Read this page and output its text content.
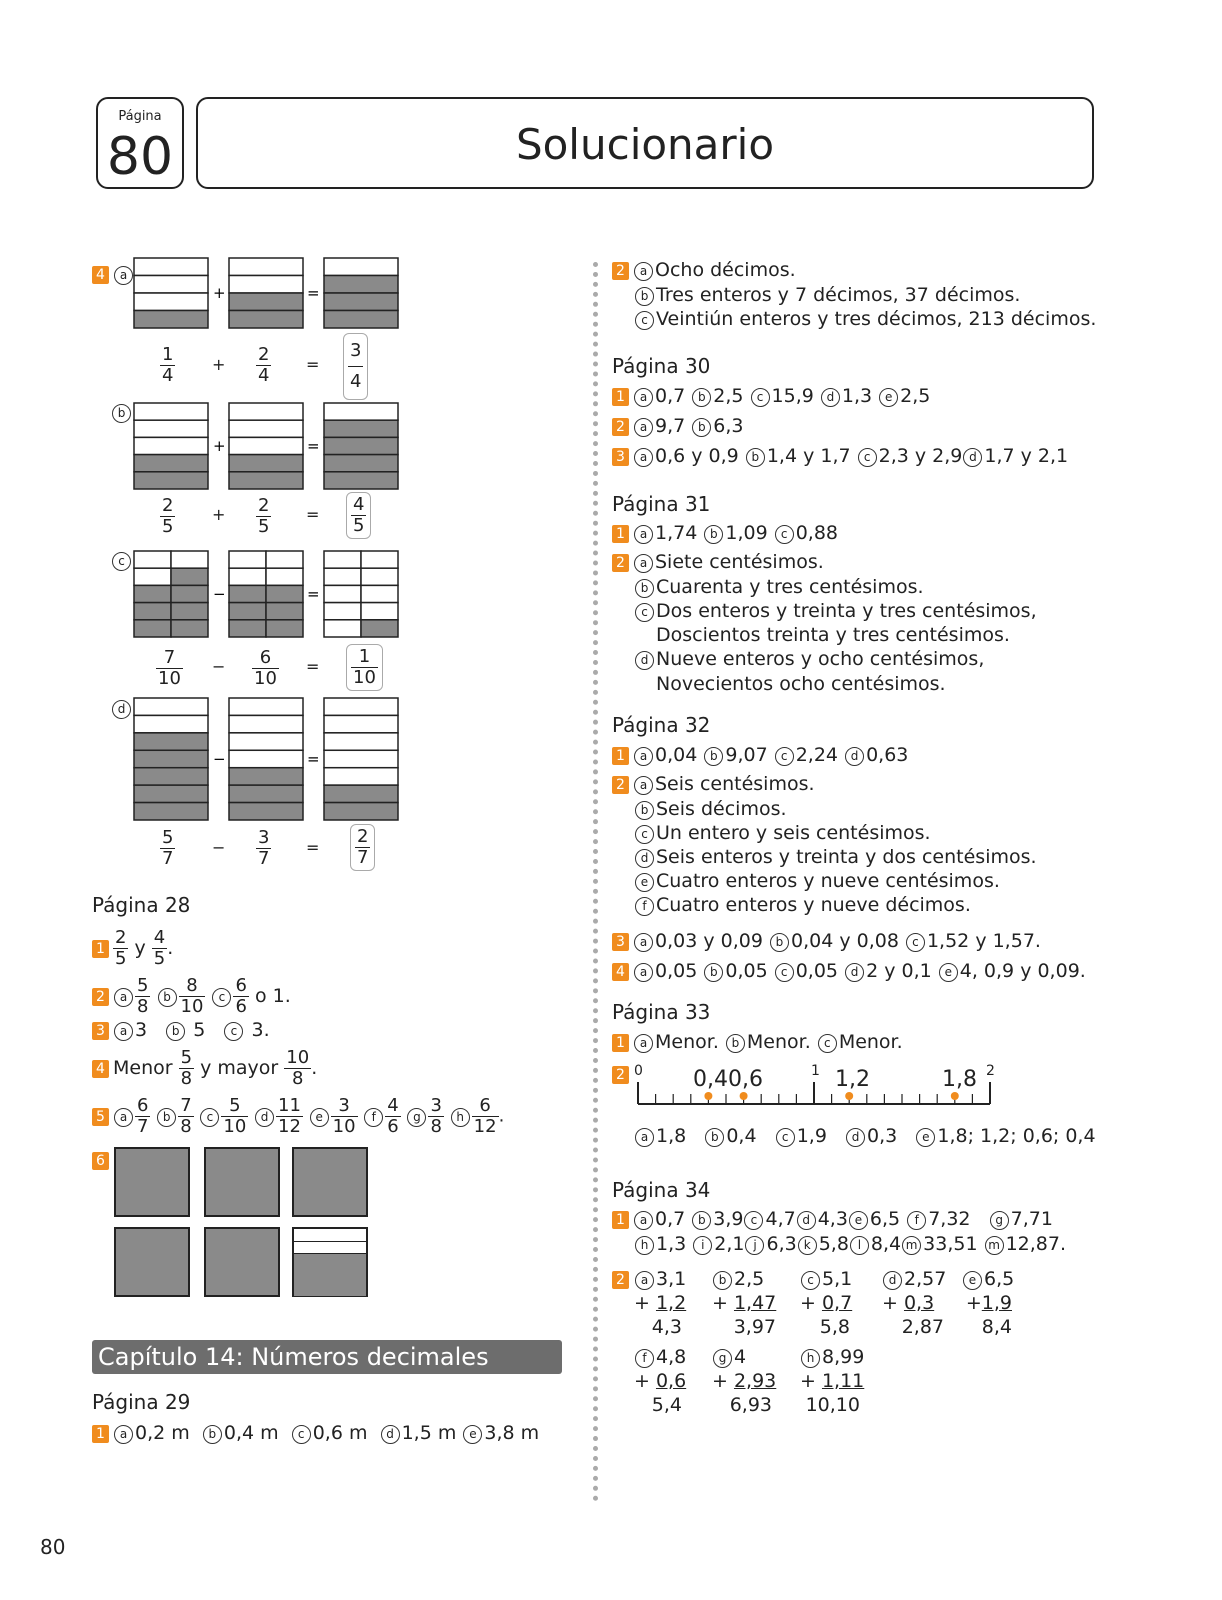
Página
80	Solucionario
4 a
b
c
d
+	=
+	=
−	=
−	=
$\frac{1}{4} + \frac{2}{4} = \frac{3}{4}$
$\frac{2}{5} + \frac{2}{5} = \frac{4}{5}$
$\frac{7}{10} - \frac{6}{10} = \frac{1}{10}$
$\frac{5}{7} - \frac{3}{7} = \frac{2}{7}$
Página 28
$1 \frac{2}{5}$ y $\frac{4}{5}$ .
2 a $\frac{5}{8}$ b $\frac{8}{10}$ c $\frac{6}{6}$ o 1.
3 a 3 b 5 c 3.
4 Menor $\frac{5}{8}$ y mayor $\frac{10}{8}$ .
5 a $\frac{6}{7}$ b $\frac{7}{8}$ c $\frac{5}{10}$ d $\frac{11}{12}$ e $\frac{3}{10}$ f $\frac{4}{6}$ g $\frac{3}{8}$ h $\frac{6}{12}$ .
6
Capítulo 14: Números decimales
Página 29
1 a 0,2 m b 0,4 m c 0,6 m d 1,5 m e 3,8 m
2 a Ocho décimos.
b Tres enteros y 7 décimos, 37 décimos.
c Veintiún enteros y tres décimos, 213 décimos.
Página 30
1 a 0,7 b 2,5 c 15,9 d 1,3 e 2,5
2 a 9,7 b 6,3
3 a 0,6 y 0,9 b 1,4 y 1,7 c 2,3 y 2,9 d 1,7 y 2,1
Página 31
1 a 1,74 b 1,09 c 0,88
2 a Siete centésimos.
b Cuarenta y tres centésimos.
c Dos enteros y treinta y tres centésimos,
Doscientos treinta y tres centésimos.
d Nueve enteros y ocho centésimos,
Novecientos ocho centésimos.
Página 32
1 a 0,04 b 9,07 c 2,24 d 0,63
2 a Seis centésimos.
b Seis décimos.
c Un entero y seis centésimos.
d Seis enteros y treinta y dos centésimos.
e Cuatro enteros y nueve centésimos.
f Cuatro enteros y nueve décimos.
3 a 0,03 y 0,09 b 0,04 y 0,08 c 1,52 y 1,57.
4 a 0,05 b 0,05 c 0,05 d 2 y 0,1 e 4, 0,9 y 0,09.
Página 33
1 a Menor. b Menor. c Menor.
2 0	1	2
0,4 0,6	1,2	1,8
a 1,8 b 0,4 c 1,9 d 0,3 e 1,8; 1,2; 0,6; 0,4
Página 34
1 a 0,7 b 3,9 c 4,7 d 4,3 e 6,5 f 7,32 g 7,71
h 1,3 i 2,1 j 6,3 k 5,8 l 8,4 m 33,51 m 12,87.
2	a 3,1
+ 1,2
4,3
b 2,5
+ 1,47
3,97
c 5,1
+ 0,7
5,8
d 2,57
+ 0,3
2,87
e 6,5
+1,9
8,4
f 4,8
+ 0,6
5,4
g 4
+ 2,93
6,93
h 8,99
+ 1,11
10,10
80
